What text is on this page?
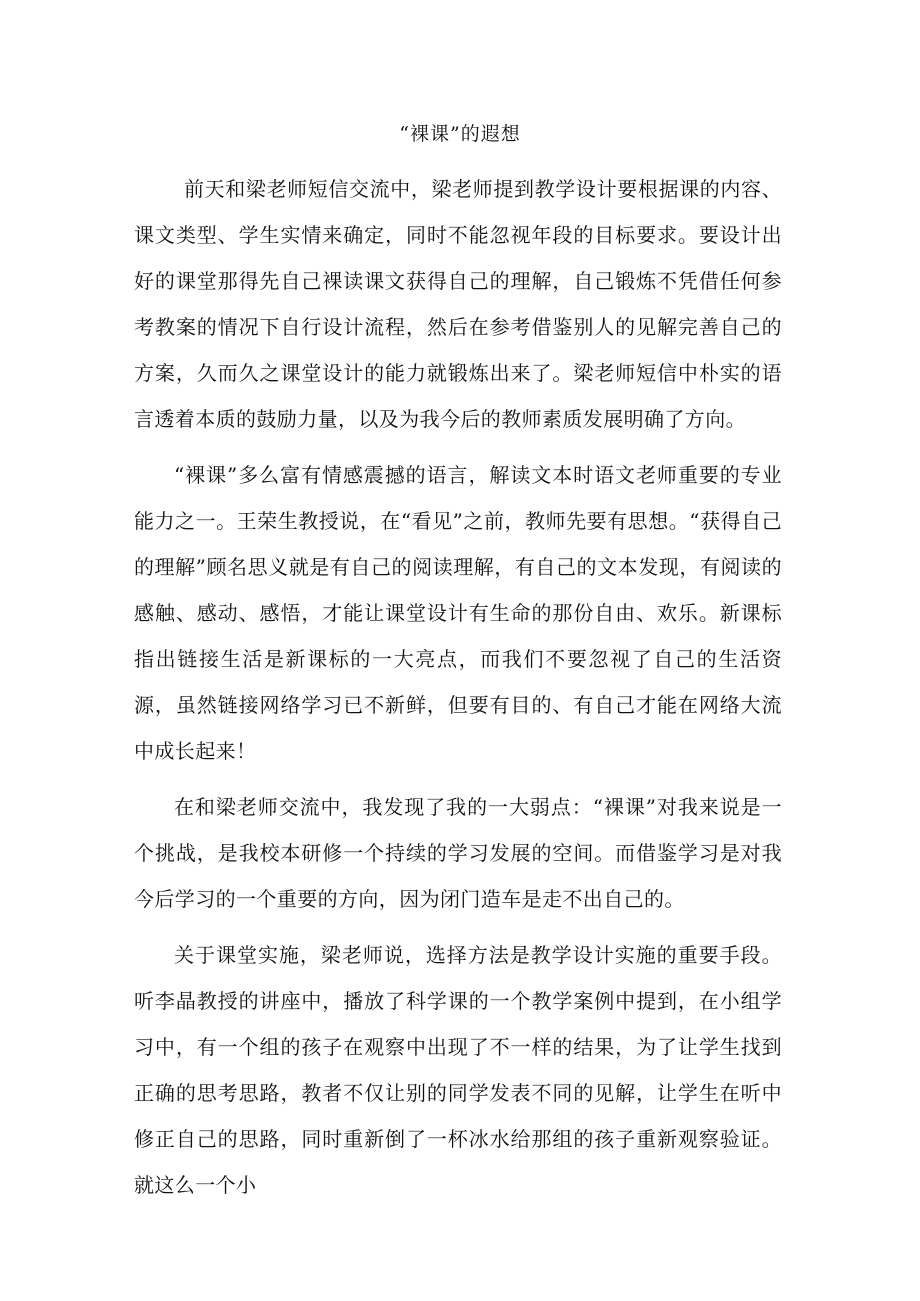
“裸课”的遐想

前天和梁老师短信交流中，梁老师提到教学设计要根据课的内容、课文类型、学生实情来确定，同时不能忽视年段的目标要求。要设计出好的课堂那得先自己裸读课文获得自己的理解，自己锻炼不凭借任何参考教案的情况下自行设计流程，然后在参考借鉴别人的见解完善自己的方案，久而久之课堂设计的能力就锻炼出来了。梁老师短信中朴实的语言透着本质的鼓励力量，以及为我今后的教师素质发展明确了方向。

“裸课”多么富有情感震撼的语言，解读文本时语文老师重要的专业能力之一。王荣生教授说，在“看见”之前，教师先要有思想。“获得自己的理解”顾名思义就是有自己的阅读理解，有自己的文本发现，有阅读的感触、感动、感悟，才能让课堂设计有生命的那份自由、欢乐。新课标指出链接生活是新课标的一大亮点，而我们不要忽视了自己的生活资源，虽然链接网络学习已不新鲜，但要有目的、有自己才能在网络大流中成长起来！

在和梁老师交流中，我发现了我的一大弱点：“裸课”对我来说是一个挑战，是我校本研修一个持续的学习发展的空间。而借鉴学习是对我今后学习的一个重要的方向，因为闭门造车是走不出自己的。

关于课堂实施，梁老师说，选择方法是教学设计实施的重要手段。听李晶教授的讲座中，播放了科学课的一个教学案例中提到，在小组学习中，有一个组的孩子在观察中出现了不一样的结果，为了让学生找到正确的思考思路，教者不仅让别的同学发表不同的见解，让学生在听中修正自己的思路，同时重新倒了一杯冰水给那组的孩子重新观察验证。就这么一个小
